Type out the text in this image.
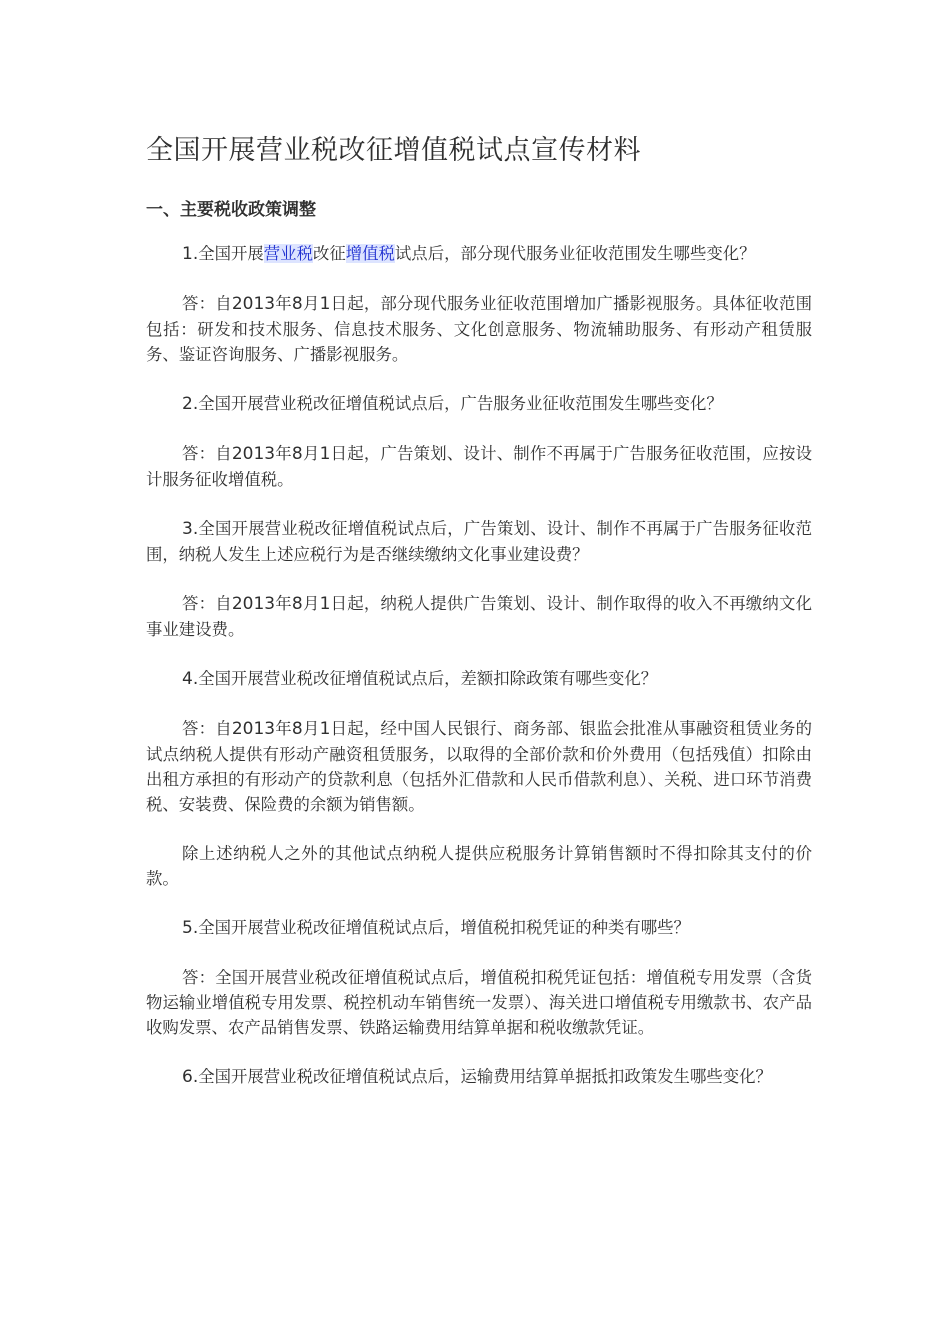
全国开展营业税改征增值税试点宣传材料
一、主要税收政策调整

1.全国开展营业税改征增值税试点后，部分现代服务业征收范围发生哪些变化？

答：自2013年8月1日起，部分现代服务业征收范围增加广播影视服务。具体征收范围包括：研发和技术服务、信息技术服务、文化创意服务、物流辅助服务、有形动产租赁服务、鉴证咨询服务、广播影视服务。

2.全国开展营业税改征增值税试点后，广告服务业征收范围发生哪些变化？

答：自2013年8月1日起，广告策划、设计、制作不再属于广告服务征收范围，应按设计服务征收增值税。

3.全国开展营业税改征增值税试点后，广告策划、设计、制作不再属于广告服务征收范围，纳税人发生上述应税行为是否继续缴纳文化事业建设费？

答：自2013年8月1日起，纳税人提供广告策划、设计、制作取得的收入不再缴纳文化事业建设费。

4.全国开展营业税改征增值税试点后，差额扣除政策有哪些变化？

答：自2013年8月1日起，经中国人民银行、商务部、银监会批准从事融资租赁业务的试点纳税人提供有形动产融资租赁服务，以取得的全部价款和价外费用（包括残值）扣除由出租方承担的有形动产的贷款利息（包括外汇借款和人民币借款利息）、关税、进口环节消费税、安装费、保险费的余额为销售额。

除上述纳税人之外的其他试点纳税人提供应税服务计算销售额时不得扣除其支付的价款。

5.全国开展营业税改征增值税试点后，增值税扣税凭证的种类有哪些？

答：全国开展营业税改征增值税试点后，增值税扣税凭证包括：增值税专用发票（含货物运输业增值税专用发票、税控机动车销售统一发票）、海关进口增值税专用缴款书、农产品收购发票、农产品销售发票、铁路运输费用结算单据和税收缴款凭证。

6.全国开展营业税改征增值税试点后，运输费用结算单据抵扣政策发生哪些变化？
